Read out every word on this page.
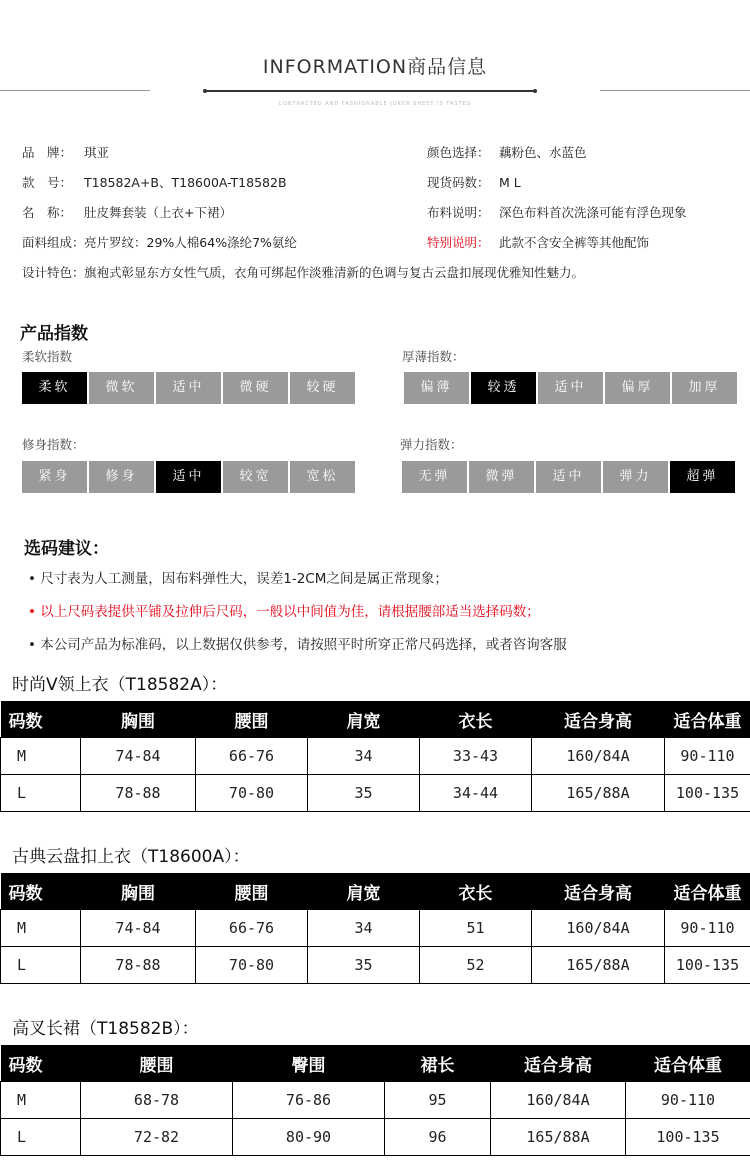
INFORMATION商品信息
CONTRACTED AND FASHIONABLE JOKER SHEET IS TASTED
品　牌： 琪亚
款　号： T18582A+B、T18600A-T18582B
名　称： 肚皮舞套装（上衣+下裙）
面料组成：亮片罗纹：29%人棉64%涤纶7%氨纶
设计特色：旗袍式彰显东方女性气质，衣角可绑起作淡雅清新的色调与复古云盘扣展现优雅知性魅力。
颜色选择： 藕粉色、水蓝色
现货码数： M L
布料说明： 深色布料首次洗涤可能有浮色现象
特别说明： 此款不含安全裤等其他配饰
产品指数
柔软指数
柔软	微软	适中	微硬	较硬
厚薄指数：
偏薄	较透	适中	偏厚	加厚
修身指数：
紧身	修身	适中	较宽	宽松
弹力指数：
无弹	微弹	适中	弹力	超弹
选码建议：
• 尺寸表为人工测量，因布料弹性大，误差1-2CM之间是属正常现象；
• 以上尺码表提供平铺及拉伸后尺码，一般以中间值为佳，请根据腰部适当选择码数；
• 本公司产品为标准码，以上数据仅供参考，请按照平时所穿正常尺码选择，或者咨询客服
时尚V领上衣（T18582A）：
码数	胸围	腰围	肩宽	衣长	适合身高	适合体重
M	74-84	66-76	34	33-43	160/84A	90-110
L	78-88	70-80	35	34-44	165/88A	100-135
古典云盘扣上衣（T18600A）：
码数	胸围	腰围	肩宽	衣长	适合身高	适合体重
M	74-84	66-76	34	51	160/84A	90-110
L	78-88	70-80	35	52	165/88A	100-135
高叉长裙（T18582B）：
码数	腰围	臀围	裙长	适合身高	适合体重
M	68-78	76-86	95	160/84A	90-110
L	72-82	80-90	96	165/88A	100-135
